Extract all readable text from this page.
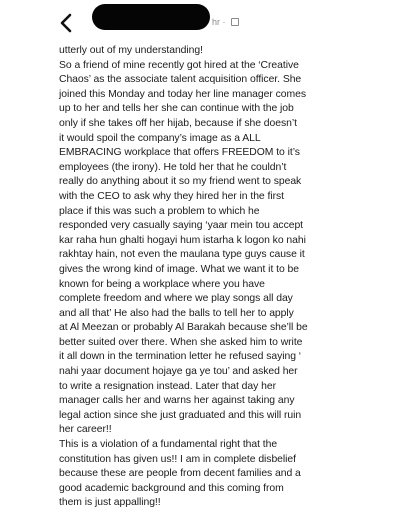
hr ·

utterly out of my understanding!

So a friend of mine recently got hired at the ‘Creative
Chaos’ as the associate talent acquisition officer. She
joined this Monday and today her line manager comes
up to her and tells her she can continue with the job
only if she takes off her hijab, because if she doesn’t
it would spoil the company’s image as a ALL
EMBRACING workplace that offers FREEDOM to it’s
employees (the irony). He told her that he couldn’t
really do anything about it so my friend went to speak
with the CEO to ask why they hired her in the first
place if this was such a problem to which he
responded very casually saying ‘yaar mein tou accept
kar raha hun ghalti hogayi hum istarha k logon ko nahi
rakhtay hain, not even the maulana type guys cause it
gives the wrong kind of image. What we want it to be
known for being a workplace where you have
complete freedom and where we play songs all day
and all that’ He also had the balls to tell her to apply
at Al Meezan or probably Al Barakah because she’ll be
better suited over there. When she asked him to write
it all down in the termination letter he refused saying ‘
nahi yaar document hojaye ga ye tou’ and asked her
to write a resignation instead. Later that day her
manager calls her and warns her against taking any
legal action since she just graduated and this will ruin
her career!!

This is a violation of a fundamental right that the
constitution has given us!! I am in complete disbelief
because these are people from decent families and a
good academic background and this coming from
them is just appalling!!
